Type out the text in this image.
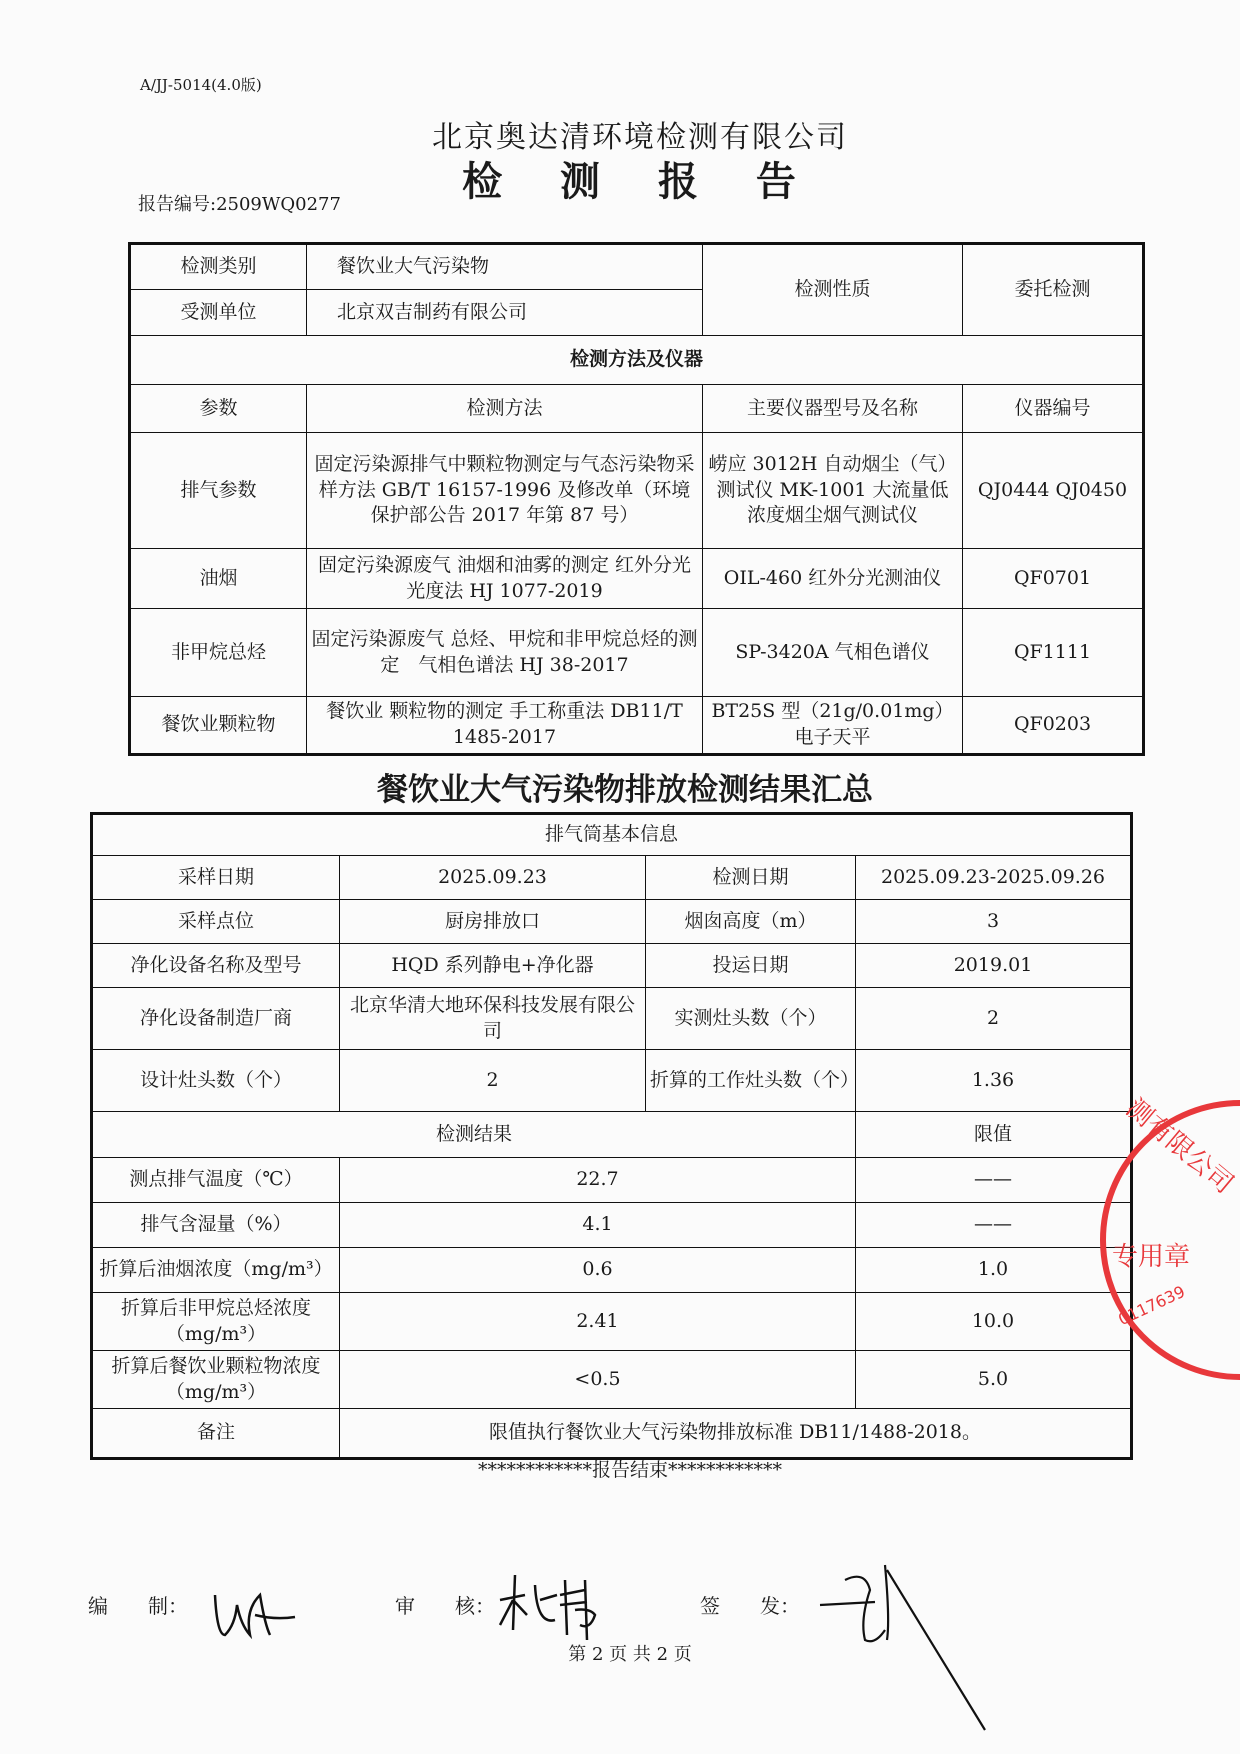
A/JJ-5014(4.0版)
北京奥达清环境检测有限公司
检 测 报 告
报告编号:2509WQ0277
检测类别	餐饮业大气污染物	检测性质	委托检测
受测单位	北京双吉制药有限公司		
检测方法及仪器			
参数	检测方法	主要仪器型号及名称	仪器编号
排气参数	固定污染源排气中颗粒物测定与气态污染物采样方法 GB/T 16157-1996 及修改单（环境保护部公告 2017 年第 87 号）	崂应 3012H 自动烟尘（气）测试仪 MK-1001 大流量低浓度烟尘烟气测试仪	QJ0444 QJ0450
油烟	固定污染源废气 油烟和油雾的测定 红外分光光度法 HJ 1077-2019	OIL-460 红外分光测油仪	QF0701
非甲烷总烃	固定污染源废气 总烃、甲烷和非甲烷总烃的测定　气相色谱法 HJ 38-2017	SP-3420A 气相色谱仪	QF1111
餐饮业颗粒物	餐饮业 颗粒物的测定 手工称重法 DB11/T 1485-2017	BT25S 型（21g/0.01mg）电子天平	QF0203
餐饮业大气污染物排放检测结果汇总
排气筒基本信息			
采样日期	2025.09.23	检测日期	2025.09.23-2025.09.26
采样点位	厨房排放口	烟囱高度（m）	3
净化设备名称及型号	HQD 系列静电+净化器	投运日期	2019.01
净化设备制造厂商	北京华清大地环保科技发展有限公司	实测灶头数（个）	2
设计灶头数（个）	2	折算的工作灶头数（个）	1.36
检测结果			限值
测点排气温度（℃）	22.7		——
排气含湿量（%）	4.1		——
折算后油烟浓度（mg/m³）	0.6		1.0
折算后非甲烷总烃浓度（mg/m³）	2.41		10.0
折算后餐饮业颗粒物浓度（mg/m³）	<0.5		5.0
备注	限值执行餐饮业大气污染物排放标准 DB11/1488-2018。		
************报告结束************
测有限公司
专用章
0117639
编　　制：	审　　核：	签　　发：
第 2 页 共 2 页
